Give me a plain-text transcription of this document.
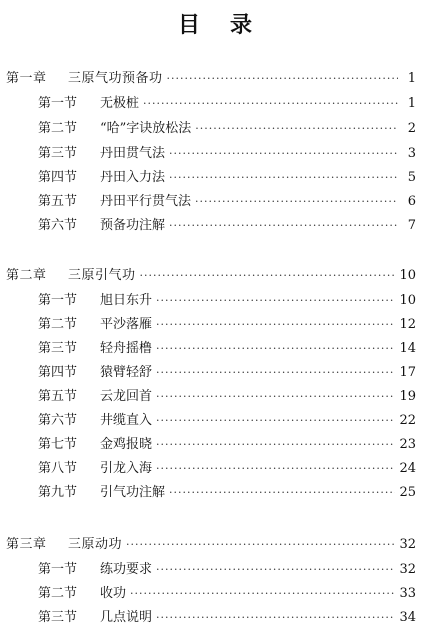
目 录
第一章 三原气功预备功 ·····	1
第一节 无极桩 ·····	1
第二节 “哈”字诀放松法 ·····	2
第三节 丹田贯气法 ·····	3
第四节 丹田入力法 ·····	5
第五节 丹田平行贯气法 ·····	6
第六节 预备功注解 ·····	7
第二章 三原引气功 ·····	10
第一节 旭日东升 ·····	10
第二节 平沙落雁 ·····	12
第三节 轻舟摇橹 ·····	14
第四节 猿臂轻舒 ·····	17
第五节 云龙回首 ·····	19
第六节 井缆直入 ·····	22
第七节 金鸡报晓 ·····	23
第八节 引龙入海 ·····	24
第九节 引气功注解 ·····	25
第三章 三原动功 ·····	32
第一节 练功要求 ·····	32
第二节 收功 ·····	33
第三节 几点说明 ·····	34
